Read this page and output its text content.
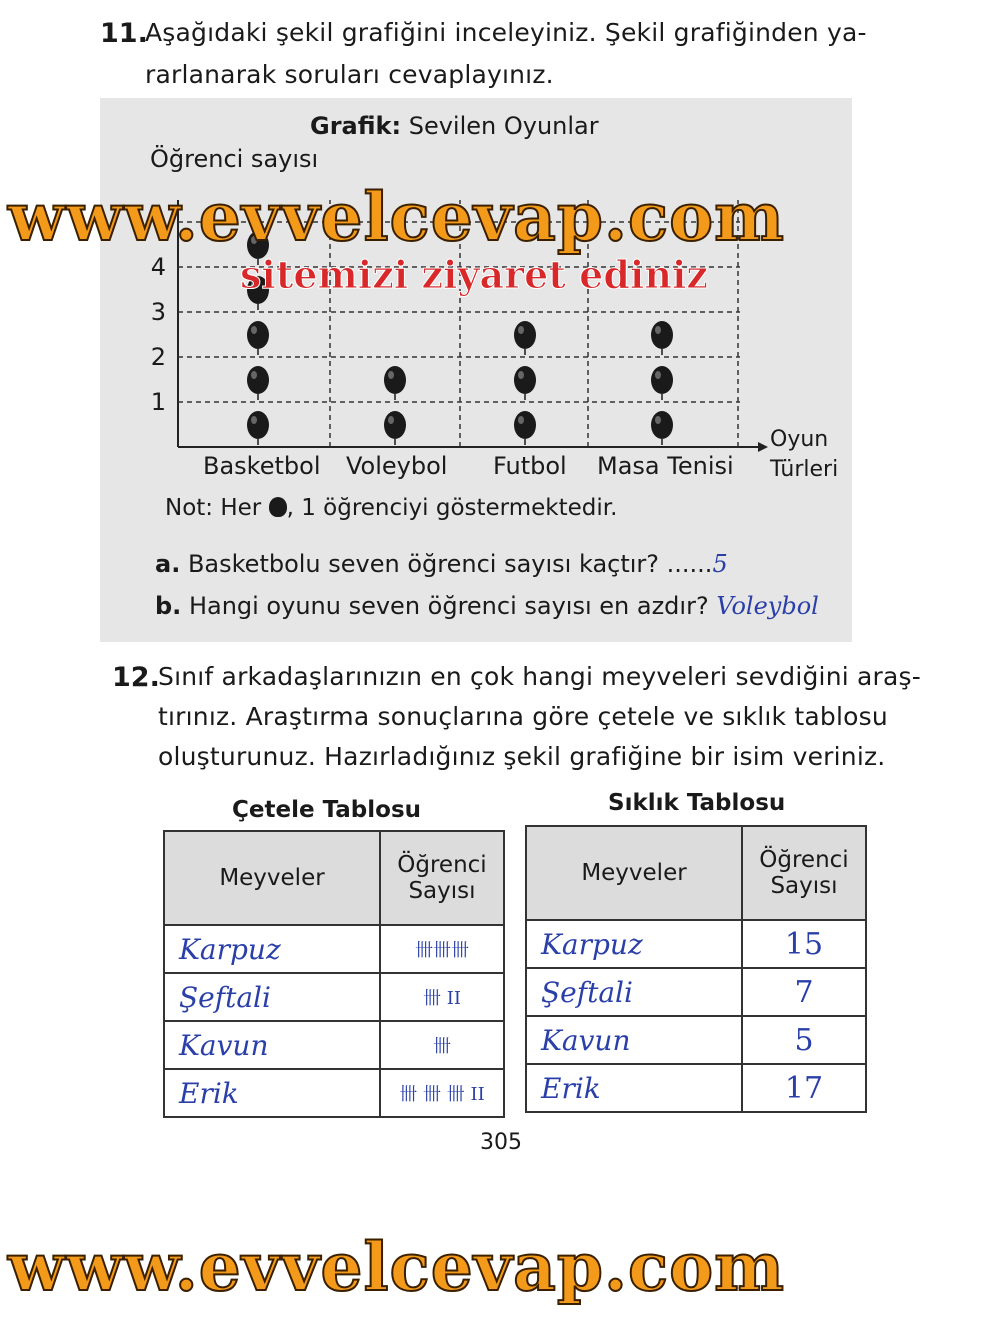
11.
Aşağıdaki şekil grafiğini inceleyiniz. Şekil grafiğinden ya-
rarlanarak soruları cevaplayınız.
Grafik: Sevilen Oyunlar
Öğrenci sayısı
1
2
3
4
Oyun
Türleri
Basketbol Voleybol Futbol Masa Tenisi
Not: Her , 1 öğrenciyi göstermektedir.
a. Basketbolu seven öğrenci sayısı kaçtır? ......5
b. Hangi oyunu seven öğrenci sayısı en azdır? Voleybol
12.
Sınıf arkadaşlarınızın en çok hangi meyveleri sevdiğini araş-
tırınız. Araştırma sonuçlarına göre çetele ve sıklık tablosu
oluşturunuz. Hazırladığınız şekil grafiğine bir isim veriniz.
Çetele Tablosu	Sıklık Tablosu
Meyveler	Öğrenci
Sayısı

Karpuz	卌卌卌
Şeftali	卌 II
Kavun	卌
Erik	卌 卌 卌 II
Meyveler	Öğrenci
Sayısı

Karpuz	15
Şeftali	7
Kavun	5
Erik	17
305
www.evvelcevap.com
sitemizi ziyaret ediniz
www.evvelcevap.com
